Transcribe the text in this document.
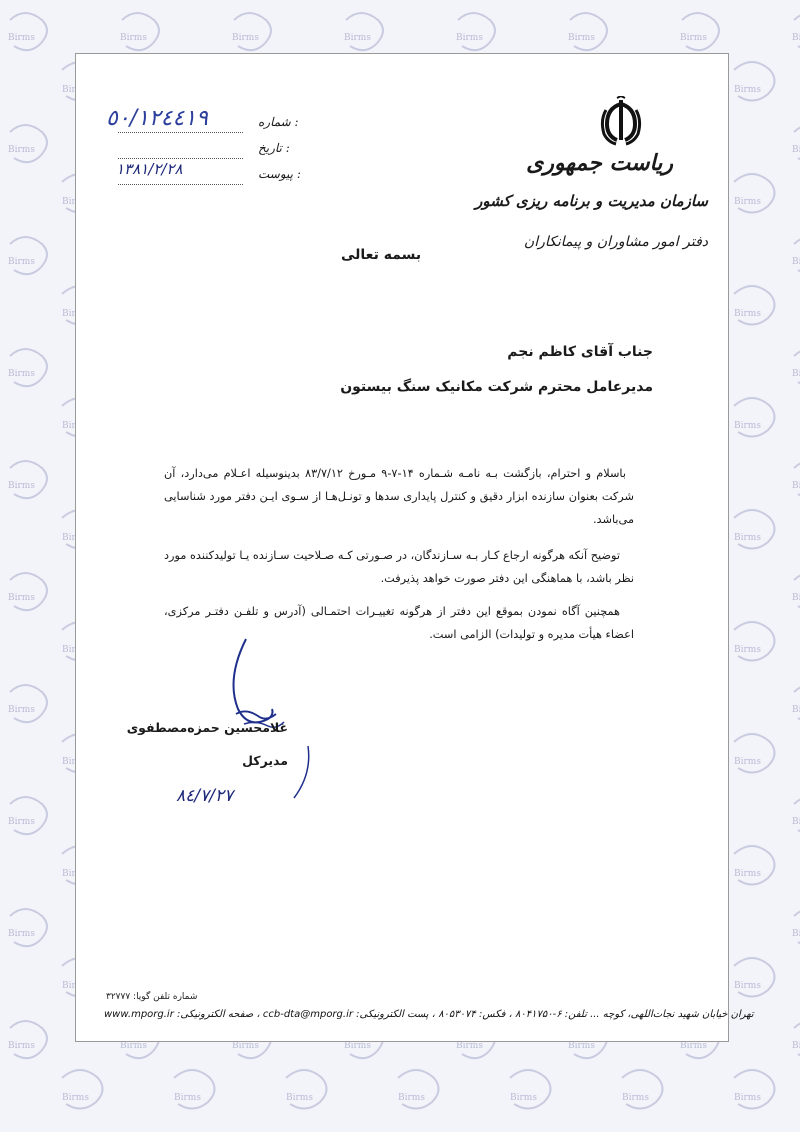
ریاست جمهوری
سازمان مدیریت و برنامه ریزی کشور
دفتر امور مشاوران و پیمانکاران
شماره :
تاریخ :
پیوست :
٥٠/١٢٤٤١٩
١٣٨١/٢/٢٨
بسمه تعالی
جناب آقای کاظم نجم
مدیرعامل محترم شرکت مکانیک سنگ بیستون
باسلام و احترام، بازگشت بـه نامـه شـماره ۱۴-۷-۹ مـورخ ۸۳/۷/۱۲ بدینوسیله اعـلام می‌دارد، آن شرکت بعنوان سازنده ابزار دقیق و کنترل پایداری سدها و تونـل‌هـا از سـوی ایـن دفتر مورد شناسایی می‌باشد.
توضیح آنکه هرگونه ارجاع کـار بـه سـازندگان، در صـورتی کـه صـلاحیت سـازنده یـا تولیدکننده مورد نظر باشد، با هماهنگی این دفتر صورت خواهد پذیرفت.
همچنین آگاه نمودن بموقع این دفتر از هرگونه تغییـرات احتمـالی (آدرس و تلفـن دفتـر مرکزی، اعضاء هیأت مدیره و تولیدات) الزامی است.
غلامحسین حمزه‌مصطفوی
مدیرکل
٨٤/٧/٢٧
شماره تلفن گویا: ۳۲۷۷۷
تهران خیابان شهید نجات‌اللهی، کوچه ... تلفن: ۶-۸۰۴۱۷۵۰ ، فکس: ۸۰۵۳۰۷۴ ، پست الکترونیکی: ccb-dta@mporg.ir ، صفحه الکترونیکی: www.mporg.ir
